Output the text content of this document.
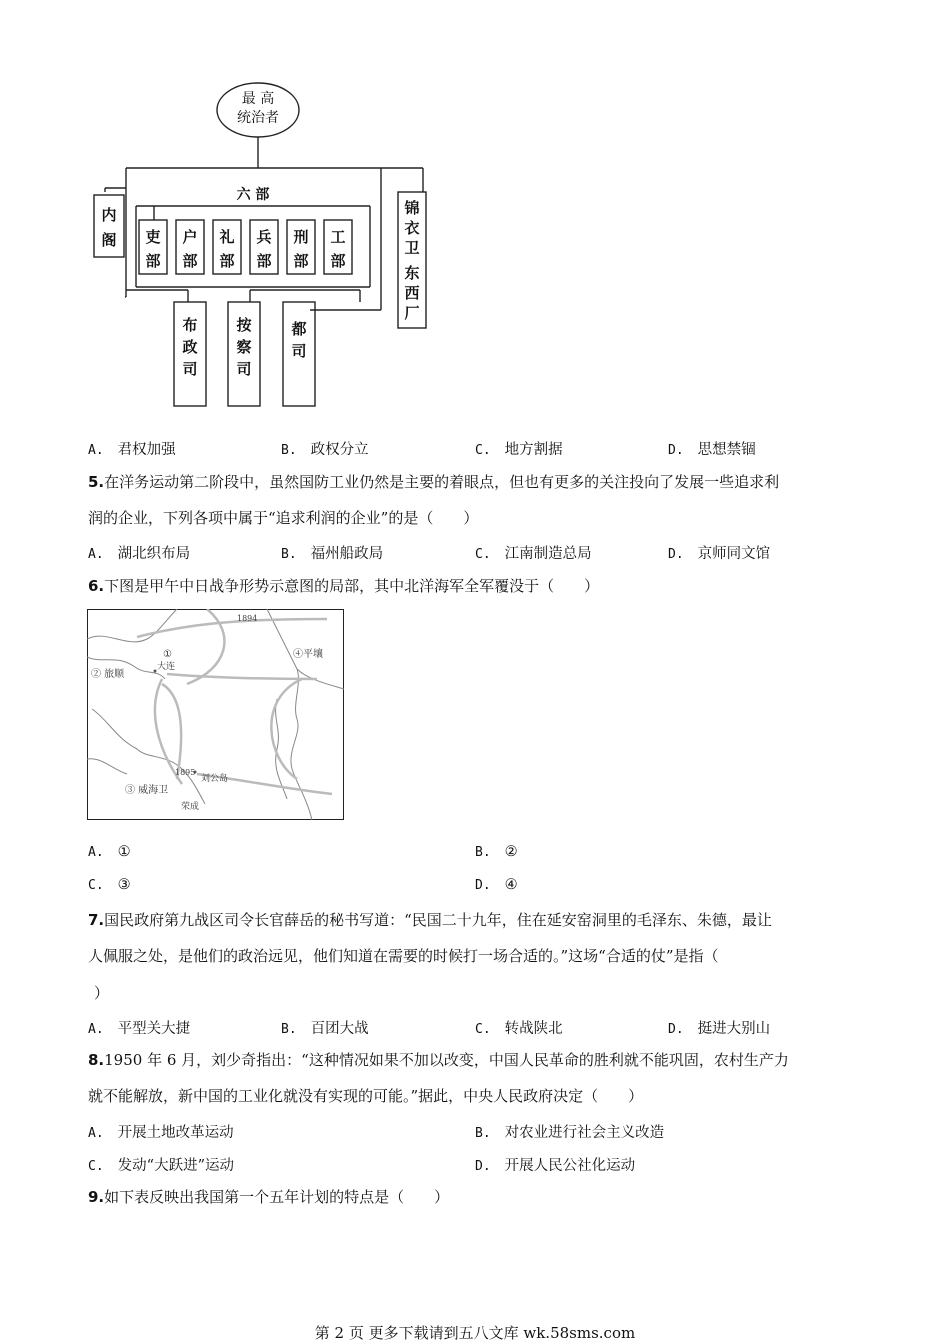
最 高
统治者
六 部
内
阁 吏
部
户
部
礼
部
兵
部
刑
部
工
部
锦
衣
卫
东
西
厂
布
政
司
按
察
司
都
司
A. 君权加强	B. 政权分立	C. 地方割据	D. 思想禁锢
5.在洋务运动第二阶段中，虽然国防工业仍然是主要的着眼点，但也有更多的关注投向了发展一些追求利
润的企业，下列各项中属于“追求利润的企业”的是（　　）
A. 湖北织布局	B. 福州船政局	C. 江南制造总局	D. 京师同文馆
6.下图是甲午中日战争形势示意图的局部，其中北洋海军全军覆没于（　　）
1894
①
大连
② 旅顺
④平壤
1895
刘公岛
③ 威海卫
荣成
A. ①	B. ②
C. ③	D. ④
7.国民政府第九战区司令长官薛岳的秘书写道：“民国二十九年，住在延安窑洞里的毛泽东、朱德，最让
人佩服之处，是他们的政治远见，他们知道在需要的时候打一场合适的。”这场“合适的仗”是指（
）
A. 平型关大捷	B. 百团大战	C. 转战陕北	D. 挺进大别山
8.1950 年 6 月，刘少奇指出：“这种情况如果不加以改变，中国人民革命的胜利就不能巩固，农村生产力
就不能解放，新中国的工业化就没有实现的可能。”据此，中央人民政府决定（　　）
A. 开展土地改革运动	B. 对农业进行社会主义改造
C. 发动“大跃进”运动	D. 开展人民公社化运动
9.如下表反映出我国第一个五年计划的特点是（　　）
第 2 页 更多下载请到五八文库 wk.58sms.com
